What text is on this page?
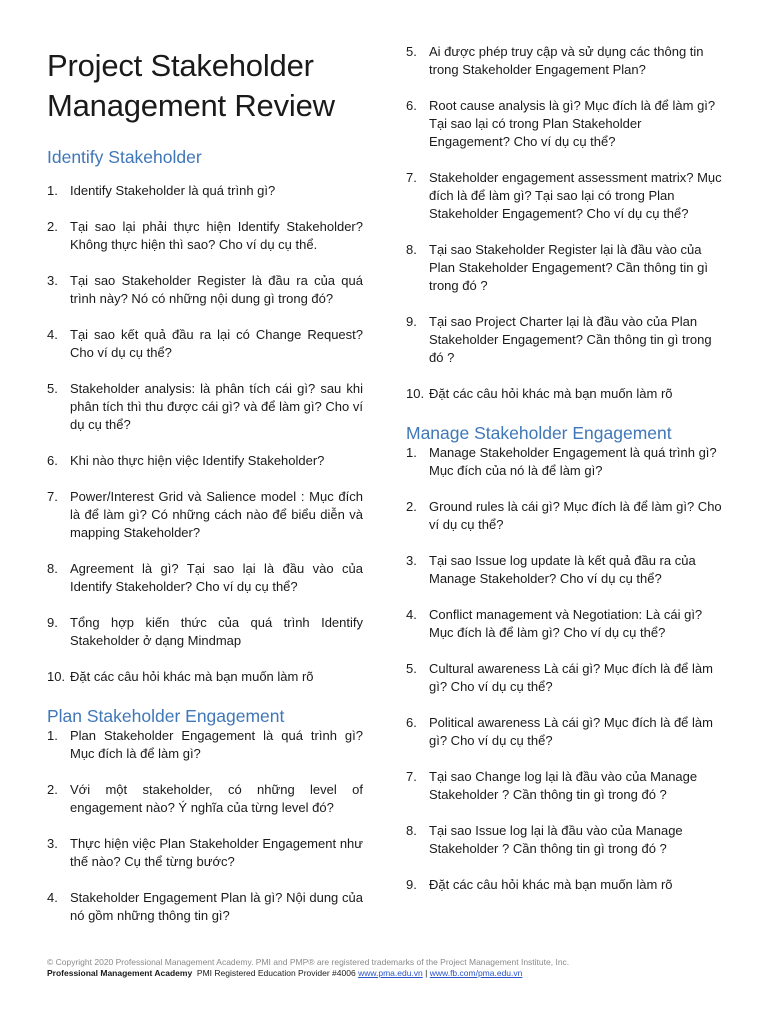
Project Stakeholder
Management Review
Identify Stakeholder
1. Identify Stakeholder là quá trình gì?
2. Tại sao lại phải thực hiện Identify Stakeholder? Không thực hiện thì sao? Cho ví dụ cụ thể.
3. Tại sao Stakeholder Register là đầu ra của quá trình này? Nó có những nội dung gì trong đó?
4. Tại sao kết quả đầu ra lại có Change Request? Cho ví dụ cụ thể?
5. Stakeholder analysis: là phân tích cái gì? sau khi phân tích thì thu được cái gì? và để làm gì? Cho ví dụ cụ thể?
6. Khi nào thực hiện việc Identify Stakeholder?
7. Power/Interest Grid và Salience model : Mục đích là để làm gì? Có những cách nào để biểu diễn và mapping Stakeholder?
8. Agreement là gì? Tại sao lại là đầu vào của Identify Stakeholder? Cho ví dụ cụ thể?
9. Tổng hợp kiến thức của quá trình Identify Stakeholder ở dạng Mindmap
10. Đặt các câu hỏi khác mà bạn muốn làm rõ
Plan Stakeholder Engagement
1. Plan Stakeholder Engagement là quá trình gì? Mục đích là để làm gì?
2. Với một stakeholder, có những level of engagement nào? Ý nghĩa của từng level đó?
3. Thực hiện việc Plan Stakeholder Engagement như thế nào? Cụ thể từng bước?
4. Stakeholder Engagement Plan là gì? Nội dung của nó gồm những thông tin gì?
5. Ai được phép truy cập và sử dụng các thông tin trong Stakeholder Engagement Plan?
6. Root cause analysis là gì? Mục đích là để làm gì? Tại sao lại có trong Plan Stakeholder Engagement? Cho ví dụ cụ thể?
7. Stakeholder engagement assessment matrix? Mục đích là để làm gì? Tại sao lại có trong Plan Stakeholder Engagement? Cho ví dụ cụ thể?
8. Tại sao Stakeholder Register lại là đầu vào của Plan Stakeholder Engagement? Cần thông tin gì trong đó ?
9. Tại sao Project Charter lại là đầu vào của Plan Stakeholder Engagement? Cần thông tin gì trong đó ?
10. Đặt các câu hỏi khác mà bạn muốn làm rõ
Manage Stakeholder Engagement
1. Manage Stakeholder Engagement là quá trình gì? Mục đích của nó là để làm gì?
2. Ground rules là cái gì? Mục đích là để làm gì? Cho ví dụ cụ thể?
3. Tại sao Issue log update là kết quả đầu ra của Manage Stakeholder? Cho ví dụ cụ thể?
4. Conflict management và Negotiation: Là cái gì? Mục đích là để làm gì? Cho ví dụ cụ thể?
5. Cultural awareness Là cái gì? Mục đích là để làm gì? Cho ví dụ cụ thể?
6. Political awareness Là cái gì? Mục đích là để làm gì? Cho ví dụ cụ thể?
7. Tại sao Change log lại là đầu vào của Manage Stakeholder ? Cần thông tin gì trong đó ?
8. Tại sao Issue log lại là đầu vào của Manage Stakeholder ? Cần thông tin gì trong đó ?
9. Đặt các câu hỏi khác mà bạn muốn làm rõ
© Copyright 2020 Professional Management Academy. PMI and PMP® are registered trademarks of the Project Management Institute, Inc.
Professional Management Academy PMI Registered Education Provider #4006 www.pma.edu.vn | www.fb.com/pma.edu.vn
